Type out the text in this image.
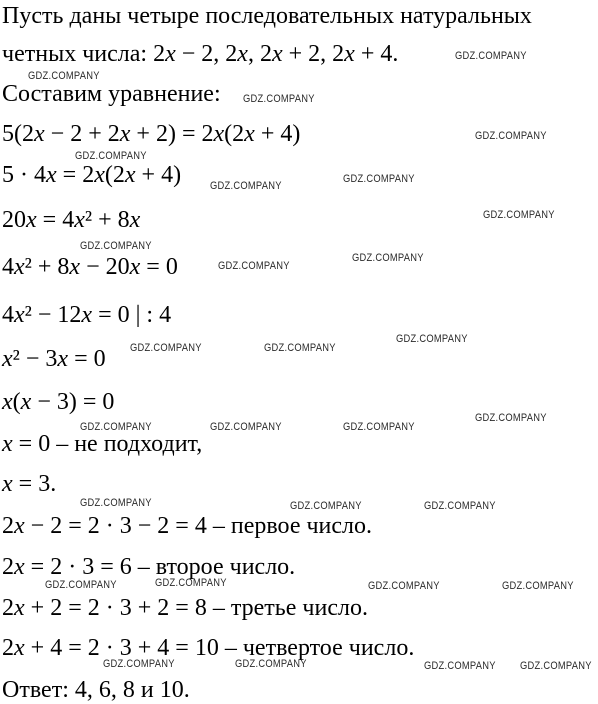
Пусть даны четыре последовательных натуральных
четных числа: 2x − 2, 2x, 2x + 2, 2x + 4.
Составим уравнение:
5(2x − 2 + 2x + 2) = 2x(2x + 4)
5 · 4x = 2x(2x + 4)
20x = 4x² + 8x
4x² + 8x − 20x = 0
4x² − 12x = 0 | : 4
x² − 3x = 0
x(x − 3) = 0
x = 0 – не подходит,
x = 3.
2x − 2 = 2 · 3 − 2 = 4 – первое число.
2x = 2 · 3 = 6 – второе число.
2x + 2 = 2 · 3 + 2 = 8 – третье число.
2x + 4 = 2 · 3 + 4 = 10 – четвертое число.
Ответ: 4, 6, 8 и 10.
GDZ.COMPANY
GDZ.COMPANY
GDZ.COMPANY
GDZ.COMPANY
GDZ.COMPANY
GDZ.COMPANY
GDZ.COMPANY
GDZ.COMPANY
GDZ.COMPANY
GDZ.COMPANY
GDZ.COMPANY
GDZ.COMPANY	GDZ.COMPANY
GDZ.COMPANY
GDZ.COMPANY	GDZ.COMPANY	GDZ.COMPANY
GDZ.COMPANY
GDZ.COMPANY	GDZ.COMPANY	GDZ.COMPANY
GDZ.COMPANY	GDZ.COMPANY	GDZ.COMPANY	GDZ.COMPANY
GDZ.COMPANY	GDZ.COMPANY	GDZ.COMPANY GDZ.COMPANY
